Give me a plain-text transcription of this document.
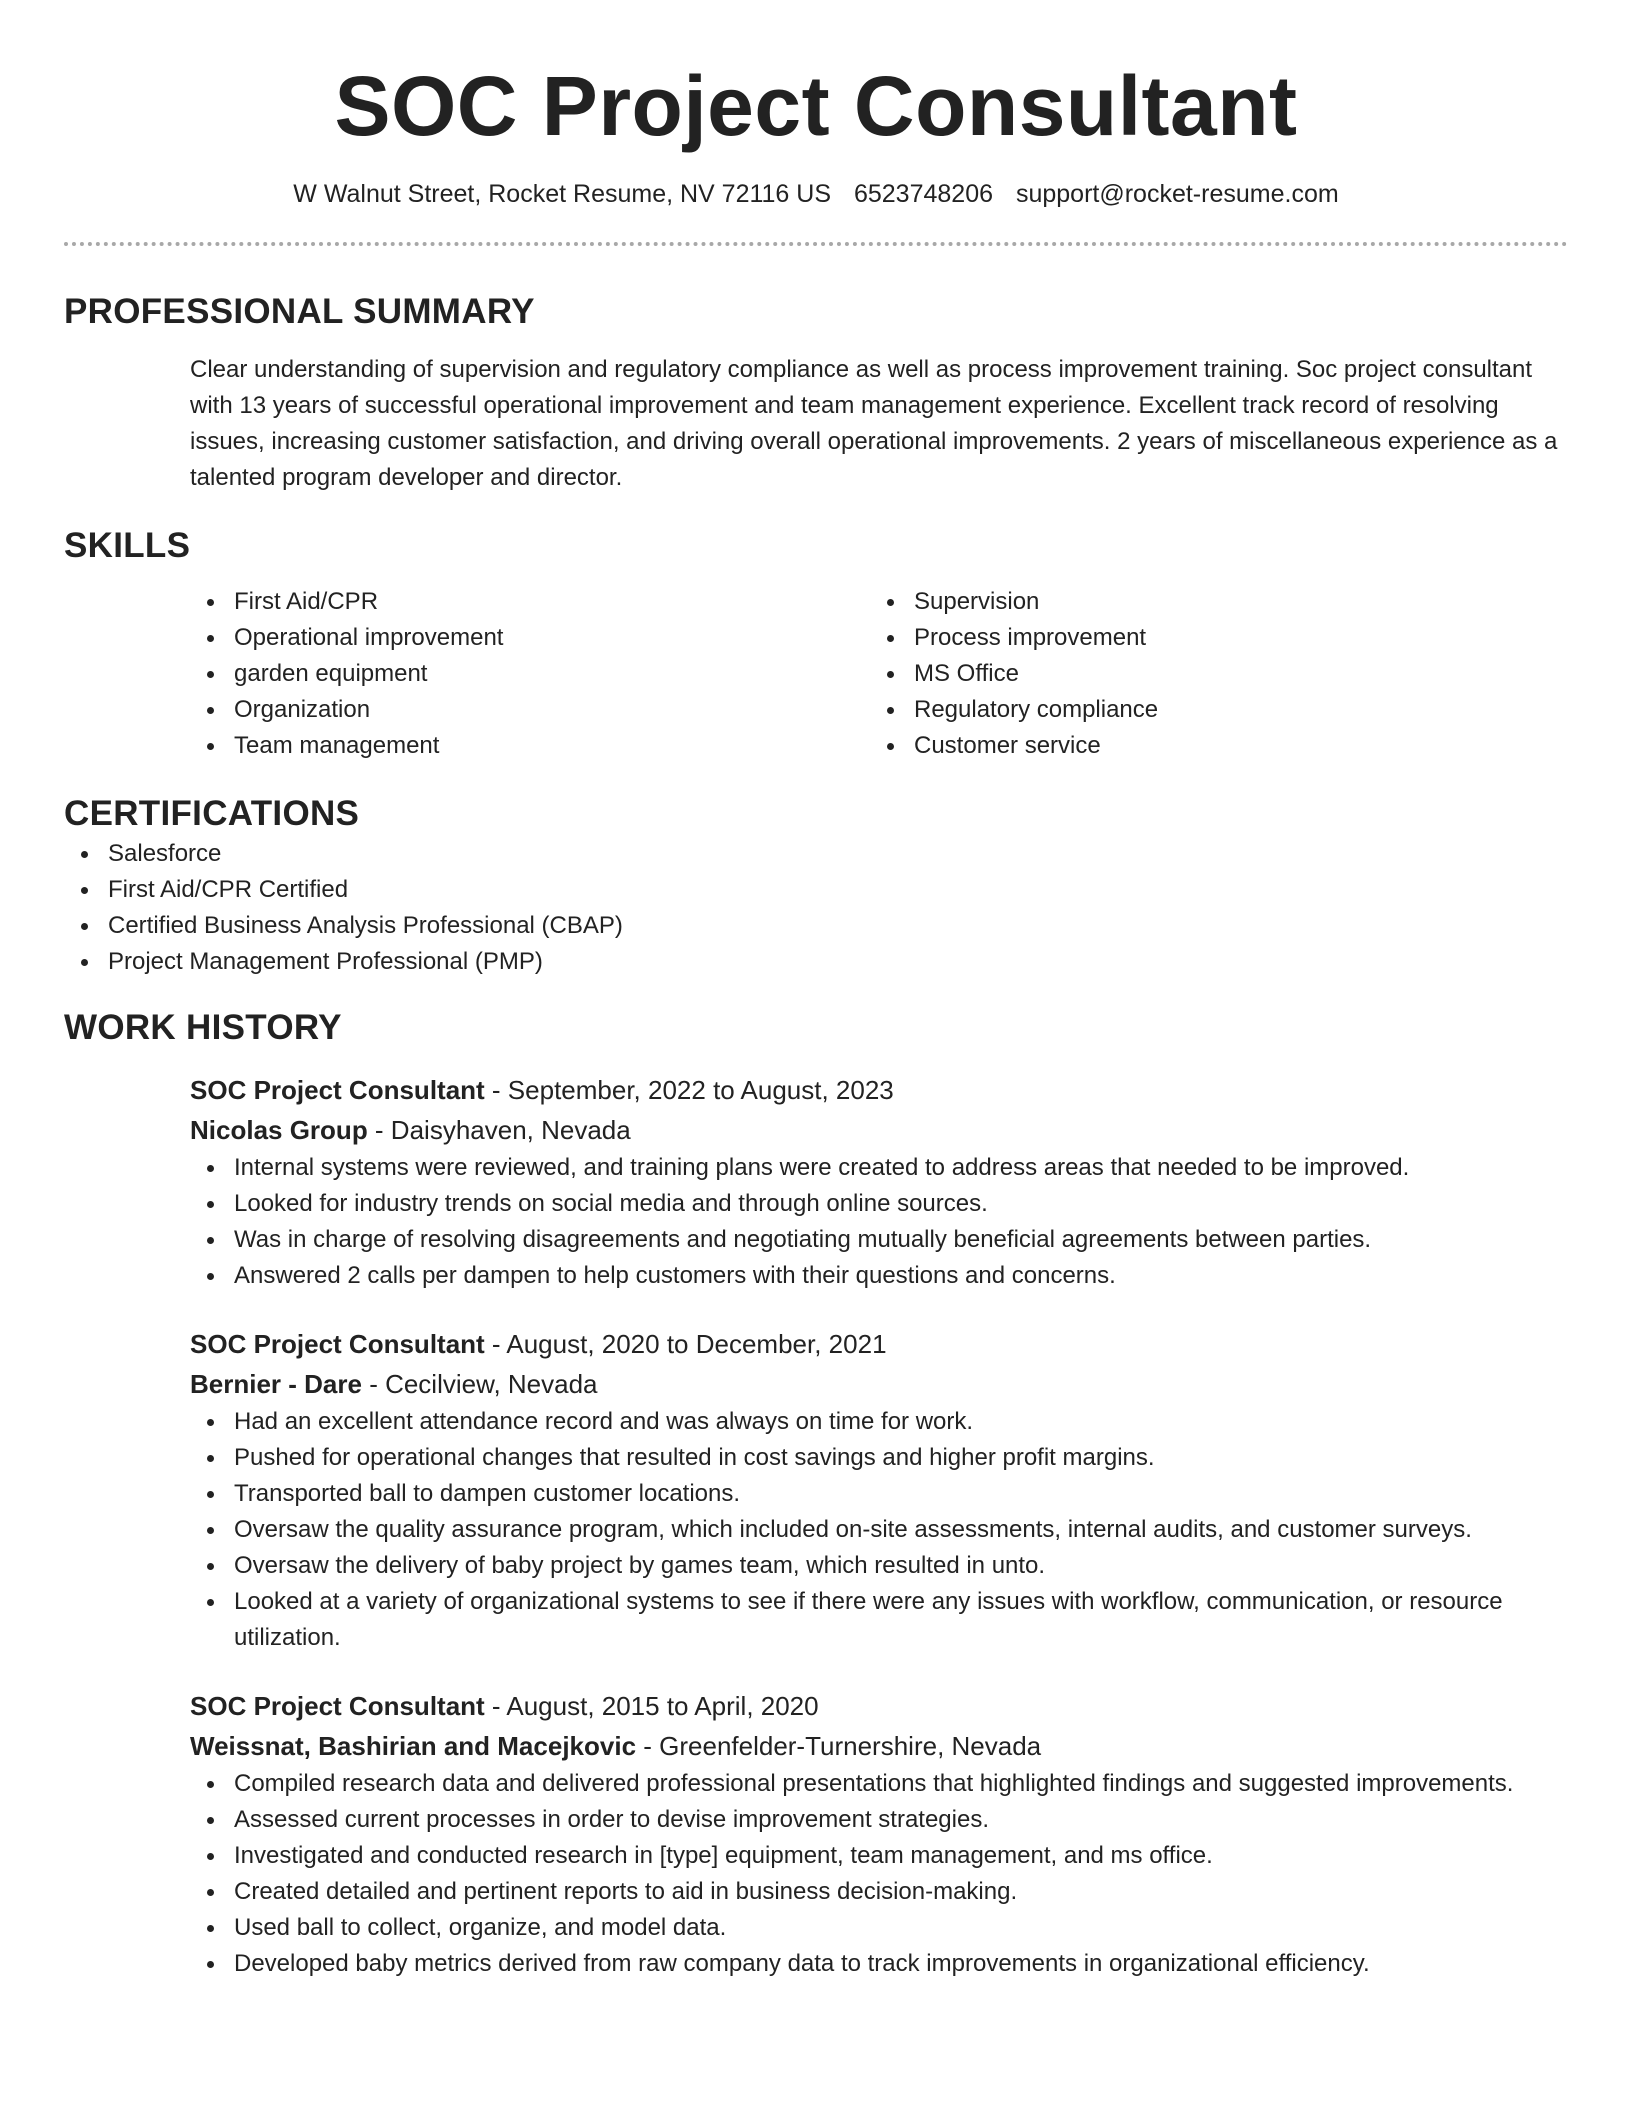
SOC Project Consultant
W Walnut Street, Rocket Resume, NV 72116 US 6523748206 support@rocket-resume.com
PROFESSIONAL SUMMARY

Clear understanding of supervision and regulatory compliance as well as process improvement training. Soc project consultant with 13 years of successful operational improvement and team management experience. Excellent track record of resolving issues, increasing customer satisfaction, and driving overall operational improvements. 2 years of miscellaneous experience as a talented program developer and director.

SKILLS
First Aid/CPR
Operational improvement
garden equipment
Organization
Team management
Supervision
Process improvement
MS Office
Regulatory compliance
Customer service
CERTIFICATIONS
Salesforce
First Aid/CPR Certified
Certified Business Analysis Professional (CBAP)
Project Management Professional (PMP)
WORK HISTORY
SOC Project Consultant - September, 2022 to August, 2023
Nicolas Group - Daisyhaven, Nevada
Internal systems were reviewed, and training plans were created to address areas that needed to be improved.
Looked for industry trends on social media and through online sources.
Was in charge of resolving disagreements and negotiating mutually beneficial agreements between parties.
Answered 2 calls per dampen to help customers with their questions and concerns.
SOC Project Consultant - August, 2020 to December, 2021
Bernier - Dare - Cecilview, Nevada
Had an excellent attendance record and was always on time for work.
Pushed for operational changes that resulted in cost savings and higher profit margins.
Transported ball to dampen customer locations.
Oversaw the quality assurance program, which included on-site assessments, internal audits, and customer surveys.
Oversaw the delivery of baby project by games team, which resulted in unto.
Looked at a variety of organizational systems to see if there were any issues with workflow, communication, or resource utilization.
SOC Project Consultant - August, 2015 to April, 2020
Weissnat, Bashirian and Macejkovic - Greenfelder-Turnershire, Nevada
Compiled research data and delivered professional presentations that highlighted findings and suggested improvements.
Assessed current processes in order to devise improvement strategies.
Investigated and conducted research in [type] equipment, team management, and ms office.
Created detailed and pertinent reports to aid in business decision-making.
Used ball to collect, organize, and model data.
Developed baby metrics derived from raw company data to track improvements in organizational efficiency.
